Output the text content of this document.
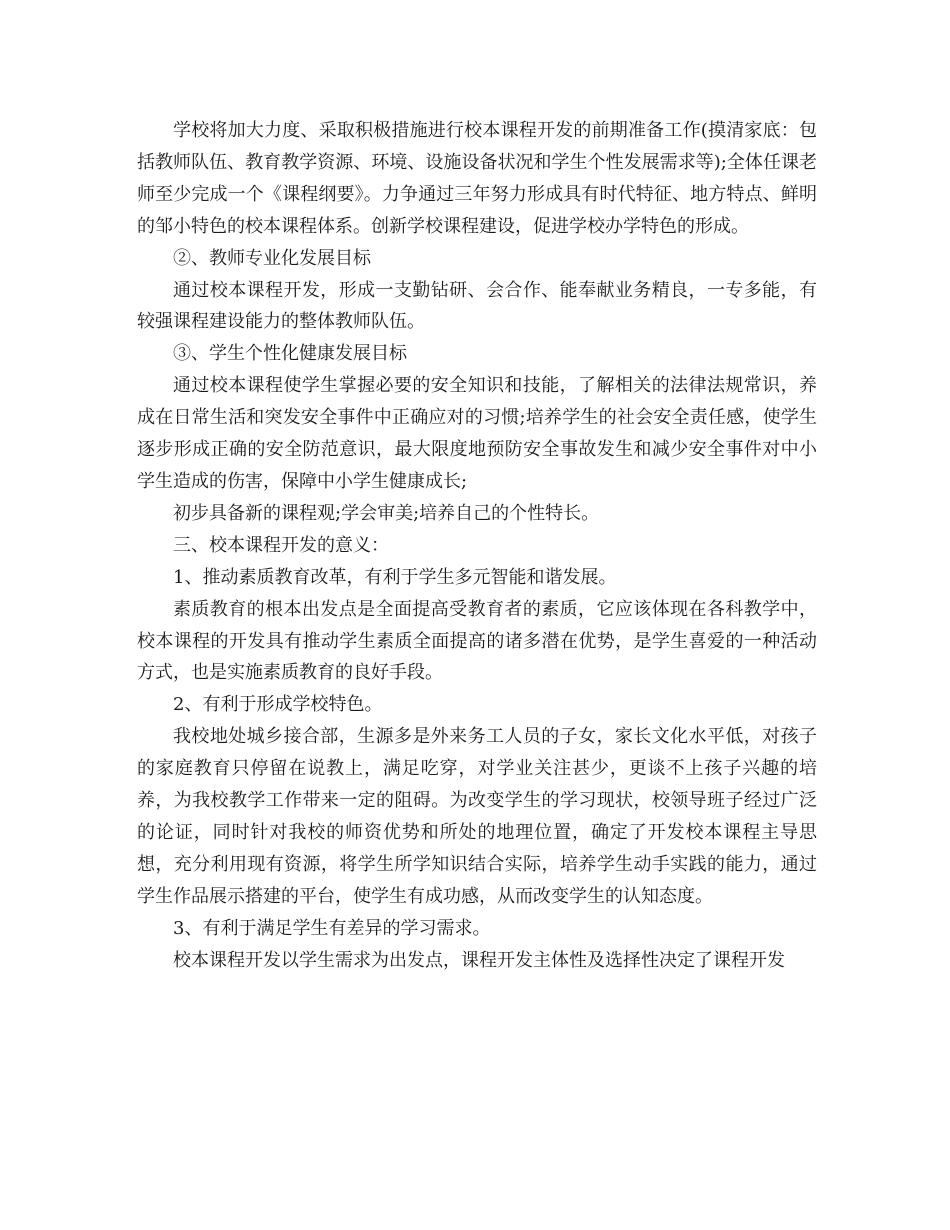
学校将加大力度、采取积极措施进行校本课程开发的前期准备工作(摸清家底：包括教师队伍、教育教学资源、环境、设施设备状况和学生个性发展需求等);全体任课老师至少完成一个《课程纲要》。力争通过三年努力形成具有时代特征、地方特点、鲜明的邹小特色的校本课程体系。创新学校课程建设，促进学校办学特色的形成。

②、教师专业化发展目标

通过校本课程开发，形成一支勤钻研、会合作、能奉献业务精良，一专多能，有较强课程建设能力的整体教师队伍。

③、学生个性化健康发展目标

通过校本课程使学生掌握必要的安全知识和技能，了解相关的法律法规常识，养成在日常生活和突发安全事件中正确应对的习惯;培养学生的社会安全责任感，使学生逐步形成正确的安全防范意识，最大限度地预防安全事故发生和减少安全事件对中小学生造成的伤害，保障中小学生健康成长;

初步具备新的课程观;学会审美;培养自己的个性特长。

三、校本课程开发的意义：

1、推动素质教育改革，有利于学生多元智能和谐发展。

素质教育的根本出发点是全面提高受教育者的素质，它应该体现在各科教学中，校本课程的开发具有推动学生素质全面提高的诸多潜在优势，是学生喜爱的一种活动方式，也是实施素质教育的良好手段。

2、有利于形成学校特色。

我校地处城乡接合部，生源多是外来务工人员的子女，家长文化水平低，对孩子的家庭教育只停留在说教上，满足吃穿，对学业关注甚少，更谈不上孩子兴趣的培养，为我校教学工作带来一定的阻碍。为改变学生的学习现状，校领导班子经过广泛的论证，同时针对我校的师资优势和所处的地理位置，确定了开发校本课程主导思想，充分利用现有资源，将学生所学知识结合实际，培养学生动手实践的能力，通过学生作品展示搭建的平台，使学生有成功感，从而改变学生的认知态度。

3、有利于满足学生有差异的学习需求。

校本课程开发以学生需求为出发点，课程开发主体性及选择性决定了课程开发
